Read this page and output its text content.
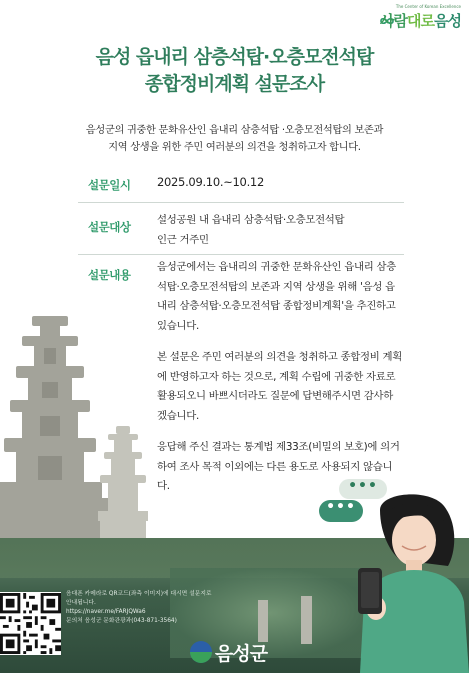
The Center of Korean Excellence
사람대로음성
음성 읍내리 삼층석탑·오층모전석탑
종합정비계획 설문조사
음성군의 귀중한 문화유산인 읍내리 삼층석탑 ·오층모전석탑의 보존과
지역 상생을 위한 주민 여러분의 의견을 청취하고자 합니다.
설문일시 2025.09.10.~10.12
설문대상	설성공원 내 읍내리 삼층석탑·오층모전석탑
인근 거주민
설문내용
음성군에서는 읍내리의 귀중한 문화유산인 읍내리 삼층석탑·오층모전석탑의 보존과 지역 상생을 위해 '음성 읍내리 삼층석탑·오층모전석탑 종합정비계획'을 추진하고 있습니다.
본 설문은 주민 여러분의 의견을 청취하고 종합정비 계획에 반영하고자 하는 것으로, 계획 수립에 귀중한 자료로 활용되오니 바쁘시더라도 질문에 답변해주시면 감사하겠습니다.
응답해 주신 결과는 통계법 제33조(비밀의 보호)에 의거하여 조사 목적 이외에는 다른 용도로 사용되지 않습니다.	•••
•••
음대폰 카메라로 QR코드(좌측 이미지)에 대시면 설문지로
안내됩니다.
https://naver.me/FARJQWa6
문의처 음성군 문화관광과(043-871-3564)
음성군
